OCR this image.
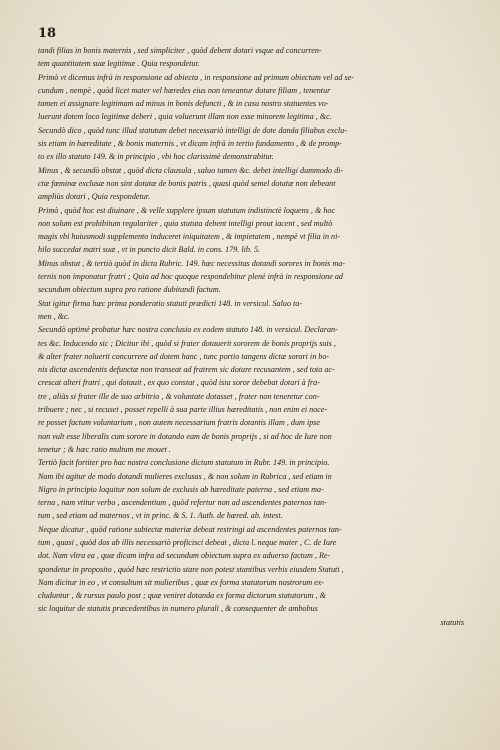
18
tandi filias in bonis maternis , sed simpliciter , quòd debent dotari vsque ad concurren-
tem quantitatem suæ legitimæ . Quia respondetur.
Primò vt dicemus infrà in responsione ad obiecta , in responsione ad primum obiectum vel ad se-
cundum , nempè , quòd licet mater vel hæredes eius non teneantur dotare filiam , tenentur
tamen ei assignare legitimam ad minus in bonis defuncti , & in casu nostro statuentes vo-
luerunt dotem loco legitimæ deberi , quia voluerunt illam non esse minorem legitima , &c.
Secundò dico , quòd tunc illud statutum debet necessariò intelligi de dote danda filiabus exclu-
sis etiam in hæreditate , & bonis maternis , vt dicam infrà in tertio fundamento , & de promp-
to ex illo statuto 149. & in principio , vbi hoc clarissimè demonstrabitur.
Minus , & secundò obstat , quòd dicta clausula , saluo tamen &c. debet intelligi dummodo di-
ctæ fœminæ exclusæ non sint dotatæ de bonis patris , quasi quòd semel dotatæ non debeant
ampliùs dotari , Quia respondetur.
Primò , quòd hoc est diuinare , & velle supplere ipsum statutum indistinctè loquens , & hoc
non solum est prohibitum regulariter , quia statuta debent intelligi prout iacent , sed multò
magis vbi huiusmodi supplemento induceret iniquitatem , & impietatem , nempè vt filia in ni-
hilo succedat matri suæ , vt in puncto dicit Bald. in cons. 179. lib. 5.
Minus obstat , & tertiò quòd in dicta Rubric. 149. hæc necessitas dotandi sorores in bonis ma-
ternis non imponatur fratri ; Quia ad hoc quoque respondebitur plenè infrà in responsione ad
secundum obiectum supra pro ratione dubitandi factum.
Stat igitur firma hæc prima ponderatio statuti prædicti 148. in versicul. Saluo ta-
men , &c.
Secundò optimè probatur hæc nostra conclusio ex eodem statuto 148. in versicul. Declaran-
tes &c. Inducendo sic ; Dicitur ibi , quòd si frater dotauerit sororem de bonis proprijs suis ,
& alter frater noluerit concurrere ad dotem hanc , tunc portio tangens dictæ sorori in bo-
nis dictæ ascendentis defunctæ non transeat ad fratrem sic dotare recusantem , sed tota ac-
crescat alteri fratri , qui dotauit , ex quo constat , quòd ista soror debebat dotari à fra-
tre , aliàs si frater ille de suo arbitrio , & voluntate dotasset , frater non teneretur con-
tribuere ; nec , si recuset , posset repelli à sua parte illius hæreditatis , non enim ei noce-
re posset factum voluntarium , non autem necessarium fratris dotantis illam , dum ipse
non vult esse liberalis cum sorore in dotando eam de bonis proprijs , si ad hoc de Iure non
tenetur ; & hæc ratio multum me mouet .
Tertiò facit fortiter pro hac nostra conclusione dictum statutum in Rubr. 149. in principio.
Nam ibi agitur de modo dotandi mulieres exclusas , & non solum in Rubrica , sed etiam in
Nigro in principio loquitur non solum de exclusis ab hæreditate paterna , sed etiam ma-
terna , nam vtitur verbo , ascendentium , quòd refertur non ad ascendentes paternos tan-
tum , sed etiam ad maternos , vt in princ. & S. 1. Auth. de hæred. ab. intest.
Neque dicatur , quòd ratione subiectæ materiæ debeat restringi ad ascendentes paternos tan-
tum , quasi , quòd dos ab illis necessariò proficisci debeat , dicta l. neque mater , C. de Iure
dot. Nam vltra ea , quæ dicam infra ad secundum obiectum supra ex aduerso factum , Re-
spondetur in proposito , quòd hæc restrictio stare non potest stantibus verbis eiusdem Statuti ,
Nam dicitur in eo , vt consultum sit mulieribus , quæ ex forma statutorum nostrorum ex-
cluduntur , & rursus paulo post ; quæ veniret dotanda ex forma dictorum statutorum , &
sic loquitur de statutis præcedentibus in numero plurali , & consequenter de ambobus
statutis
